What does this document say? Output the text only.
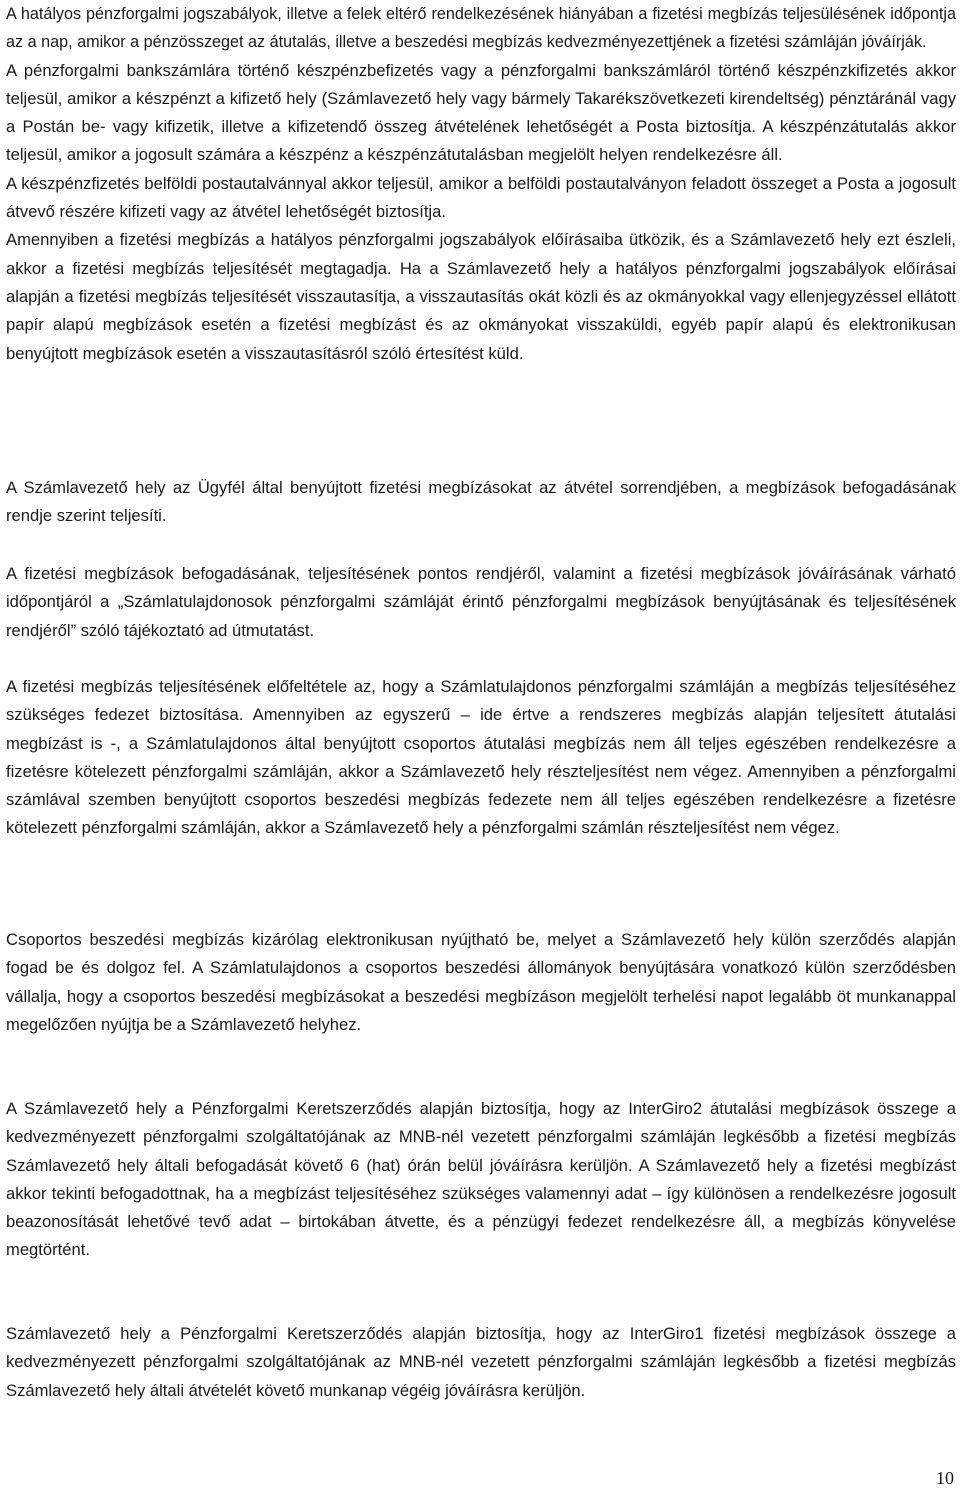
A hatályos pénzforgalmi jogszabályok, illetve a felek eltérő rendelkezésének hiányában a fizetési megbízás teljesülésének időpontja az a nap, amikor a pénzösszeget az átutalás, illetve a beszedési megbízás kedvezményezettjének a fizetési számláján jóváírják.

A pénzforgalmi bankszámlára történő készpénzbefizetés vagy a pénzforgalmi bankszámláról történő készpénzkifizetés akkor teljesül, amikor a készpénzt a kifizető hely (Számlavezető hely vagy bármely Takarékszövetkezeti kirendeltség) pénztáránál vagy a Postán be- vagy kifizetik, illetve a kifizetendő összeg átvételének lehetőségét a Posta biztosítja. A készpénzátutalás akkor teljesül, amikor a jogosult számára a készpénz a készpénzátutalásban megjelölt helyen rendelkezésre áll.

A készpénzfizetés belföldi postautalvánnyal akkor teljesül, amikor a belföldi postautalványon feladott összeget a Posta a jogosult átvevő részére kifizeti vagy az átvétel lehetőségét biztosítja.

Amennyiben a fizetési megbízás a hatályos pénzforgalmi jogszabályok előírásaiba ütközik, és a Számlavezető hely ezt észleli, akkor a fizetési megbízás teljesítését megtagadja. Ha a Számlavezető hely a hatályos pénzforgalmi jogszabályok előírásai alapján a fizetési megbízás teljesítését visszautasítja, a visszautasítás okát közli és az okmányokkal vagy ellenjegyzéssel ellátott papír alapú megbízások esetén a fizetési megbízást és az okmányokat visszaküldi, egyéb papír alapú és elektronikusan benyújtott megbízások esetén a visszautasításról szóló értesítést küld.

A Számlavezető hely az Ügyfél által benyújtott fizetési megbízásokat az átvétel sorrendjében, a megbízások befogadásának rendje szerint teljesíti.

A fizetési megbízások befogadásának, teljesítésének pontos rendjéről, valamint a fizetési megbízások jóváírásának várható időpontjáról a „Számlatulajdonosok pénzforgalmi számláját érintő pénzforgalmi megbízások benyújtásának és teljesítésének rendjéről” szóló tájékoztató ad útmutatást.

A fizetési megbízás teljesítésének előfeltétele az, hogy a Számlatulajdonos pénzforgalmi számláján a megbízás teljesítéséhez szükséges fedezet biztosítása. Amennyiben az egyszerű – ide értve a rendszeres megbízás alapján teljesített átutalási megbízást is -, a Számlatulajdonos által benyújtott csoportos átutalási megbízás nem áll teljes egészében rendelkezésre a fizetésre kötelezett pénzforgalmi számláján, akkor a Számlavezető hely részteljesítést nem végez. Amennyiben a pénzforgalmi számlával szemben benyújtott csoportos beszedési megbízás fedezete nem áll teljes egészében rendelkezésre a fizetésre kötelezett pénzforgalmi számláján, akkor a Számlavezető hely a pénzforgalmi számlán részteljesítést nem végez.

Csoportos beszedési megbízás kizárólag elektronikusan nyújtható be, melyet a Számlavezető hely külön szerződés alapján fogad be és dolgoz fel. A Számlatulajdonos a csoportos beszedési állományok benyújtására vonatkozó külön szerződésben vállalja, hogy a csoportos beszedési megbízásokat a beszedési megbízáson megjelölt terhelési napot legalább öt munkanappal megelőzően nyújtja be a Számlavezető helyhez.

A Számlavezető hely a Pénzforgalmi Keretszerződés alapján biztosítja, hogy az InterGiro2 átutalási megbízások összege a kedvezményezett pénzforgalmi szolgáltatójának az MNB-nél vezetett pénzforgalmi számláján legkésőbb a fizetési megbízás Számlavezető hely általi befogadását követő 6 (hat) órán belül jóváírásra kerüljön. A Számlavezető hely a fizetési megbízást akkor tekinti befogadottnak, ha a megbízást teljesítéséhez szükséges valamennyi adat – így különösen a rendelkezésre jogosult beazonosítását lehetővé tevő adat – birtokában átvette, és a pénzügyi fedezet rendelkezésre áll, a megbízás könyvelése megtörtént.

Számlavezető hely a Pénzforgalmi Keretszerződés alapján biztosítja, hogy az InterGiro1 fizetési megbízások összege a kedvezményezett pénzforgalmi szolgáltatójának az MNB-nél vezetett pénzforgalmi számláján legkésőbb a fizetési megbízás Számlavezető hely általi átvételét követő munkanap végéig jóváírásra kerüljön.

10
